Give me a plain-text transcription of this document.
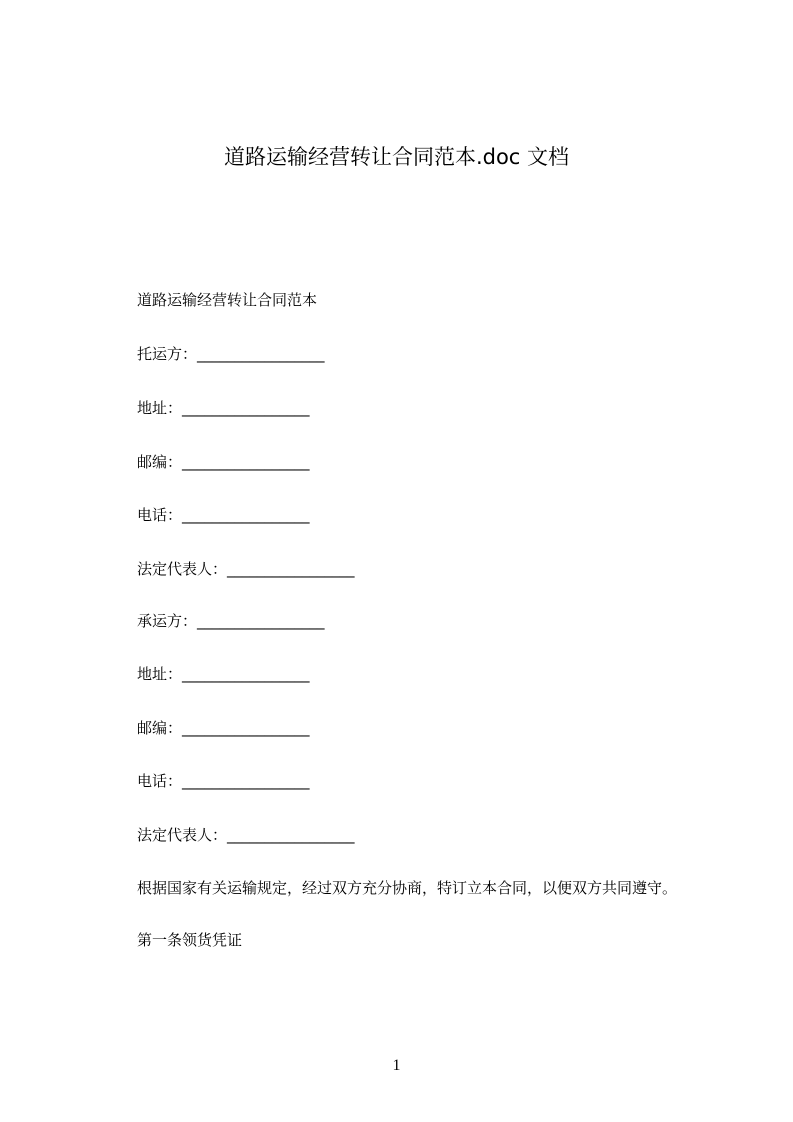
道路运输经营转让合同范本.doc 文档
道路运输经营转让合同范本
托运方：_________________
地址：_________________
邮编：_________________
电话：_________________
法定代表人：_________________
承运方：_________________
地址：_________________
邮编：_________________
电话：_________________
法定代表人：_________________
根据国家有关运输规定，经过双方充分协商，特订立本合同，以便双方共同遵守。
第一条领货凭证
1
